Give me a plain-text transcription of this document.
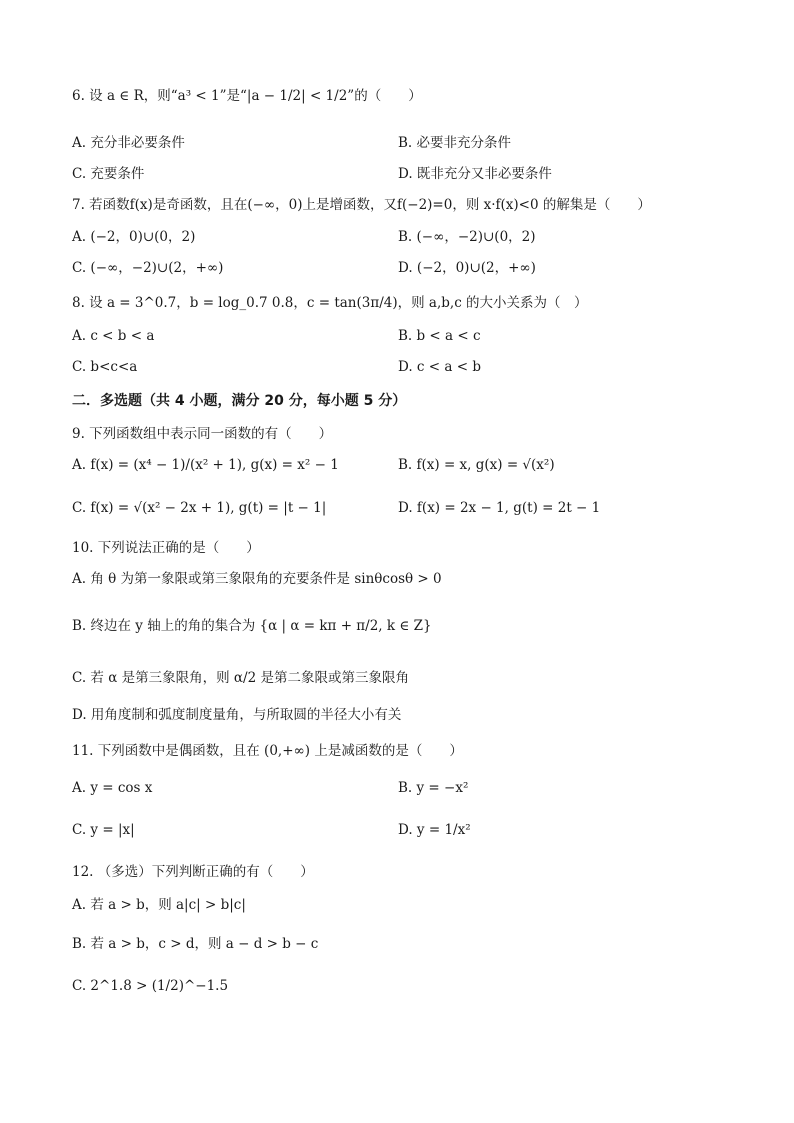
6. 设 a ∈ R，则“a³ < 1”是“|a − 1/2| < 1/2”的（　　）
A. 充分非必要条件	B. 必要非充分条件
C. 充要条件	D. 既非充分又非必要条件
7. 若函数f(x)是奇函数，且在(−∞，0)上是增函数，又f(−2)=0，则 x·f(x)<0 的解集是（　　）
A. (−2，0)∪(0，2)	B. (−∞，−2)∪(0，2)
C. (−∞，−2)∪(2，+∞)	D. (−2，0)∪(2，+∞)
8. 设 a = 3^0.7，b = log_0.7 0.8，c = tan(3π/4)，则 a,b,c 的大小关系为（　）
A. c < b < a	B. b < a < c
C. b<c<a	D. c < a < b
二．多选题（共 4 小题，满分 20 分，每小题 5 分）
9. 下列函数组中表示同一函数的有（　　）
A. f(x) = (x⁴ − 1)/(x² + 1), g(x) = x² − 1	B. f(x) = x, g(x) = √(x²)
C. f(x) = √(x² − 2x + 1), g(t) = |t − 1|	D. f(x) = 2x − 1, g(t) = 2t − 1
10. 下列说法正确的是（　　）
A. 角 θ 为第一象限或第三象限角的充要条件是 sinθcosθ > 0
B. 终边在 y 轴上的角的集合为 {α | α = kπ + π/2, k ∈ Z}
C. 若 α 是第三象限角，则 α/2 是第二象限或第三象限角
D. 用角度制和弧度制度量角，与所取圆的半径大小有关
11. 下列函数中是偶函数，且在 (0,+∞) 上是减函数的是（　　）
A. y = cos x	B. y = −x²
C. y = |x|	D. y = 1/x²
12. （多选）下列判断正确的有（　　）
A. 若 a > b，则 a|c| > b|c|
B. 若 a > b，c > d，则 a − d > b − c
C. 2^1.8 > (1/2)^−1.5
